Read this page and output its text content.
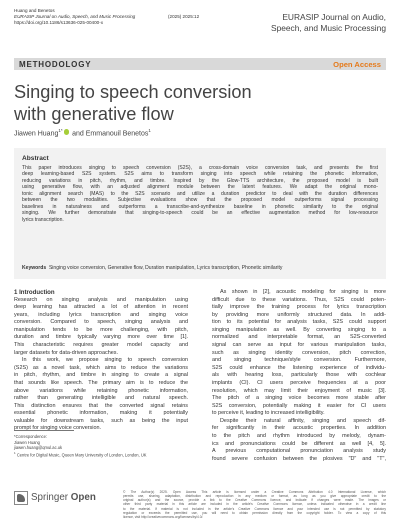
Huang and Benetos
EURASIP Journal on Audio, Speech, and Music Processing
https://doi.org/10.1186/s13636-025-00400-x
(2025) 2025:12	EURASIP Journal on Audio,
Speech, and Music Processing
METHODOLOGY	Open Access
Singing to speech conversion
with generative flow
Jiawen Huang$^{1*}$ and Emmanouil Benetos$^1$
Abstract
This paper introduces singing to speech conversion (S2S), a cross-domain voice conversion task, and presents the first
deep learning-based S2S system. S2S aims to transform singing into speech while retaining the phonetic information,
reducing variations in pitch, rhythm, and timbre. Inspired by the Glow-TTS architecture, the proposed model is built
using generative flow, with an adjusted alignment module between the latent features. We adapt the original mono-
tonic alignment search (MAS) to the S2S scenario and utilize a duration predictor to deal with the duration differences
between the two modalities. Subjective evaluations show that the proposed model outperforms signal processing
baselines in naturalness and outperforms a transcribe-and-synthesize baseline in phonetic similarity to the original
singing. We further demonstrate that singing-to-speech could be an effective augmentation method for low-resource
lyrics transcription.
Keywords Singing voice conversion, Generative flow, Duration manipulation, Lyrics transcription, Phonetic similarity
1 Introduction
Research on singing analysis and manipulation using
deep learning has attracted a lot of attention in recent
years, including lyrics transcription and singing voice
conversion. Compared to speech, singing analysis and
manipulation tends to be more challenging, with pitch,
duration and timbre typically varying more over time [1].
This characteristic requires greater model capacity and
larger datasets for data-driven approaches.
In this work, we propose singing to speech conversion
(S2S) as a novel task, which aims to reduce the variations
in pitch, rhythm, and timbre in singing to create a signal
that sounds like speech. The primary aim is to reduce the
above variations while retaining phonetic information,
rather than generating intelligible and natural speech.
This distinction ensures that the converted signal retains
essential phonetic information, making it potentially
valuable for downstream tasks, such as being the input
prompt for singing voice conversion.
As shown in [2], acoustic modeling for singing is more
difficult due to these variations. Thus, S2S could poten-
tially improve the training process for lyrics transcription
by providing more uniformly structured data. In addi-
tion to its potential for analysis tasks, S2S could support
singing manipulation as well. By converting singing to a
normalized and interpretable format, an S2S-converted
signal can serve as input for various manipulation tasks,
such as singing identity conversion, pitch correction,
and singing technique/style conversion. Furthermore,
S2S could enhance the listening experience of individu-
als with hearing loss, particularly those with cochlear
implants (CI). CI users perceive frequencies at a poor
resolution, which may limit their enjoyment of music [3].
The pitch of a singing voice becomes more stable after
S2S conversion, potentially making it easier for CI users
to perceive it, leading to increased intelligibility.
Despite their natural affinity, singing and speech dif-
fer significantly in their acoustic properties. In addition
to the pitch and rhythm introduced by melody, dynam-
ics and pronunciations could be different as well [4, 5].
A previous computational pronunciation analysis study
found severe confusion between the plosives "D" and "T",
*Correspondence:
Jiawen Huang
jiawen.huang@qmul.ac.uk
$^1$ Centre for Digital Music, Queen Mary University of London, London, UK
Springer Open	© The Author(s) 2025. Open Access This article is licensed under a Creative Commons Attribution 4.0 International License, which
permits use, sharing, adaptation, distribution and reproduction in any medium or format, as long as you give appropriate credit to the
original author(s) and the source, provide a link to the Creative Commons licence, and indicate if changes were made. The images or
other third party material in this article are included in the article's Creative Commons licence, unless indicated otherwise in a credit line
to the material. If material is not included in the article's Creative Commons licence and your intended use is not permitted by statutory
regulation or exceeds the permitted use, you will need to obtain permission directly from the copyright holder. To view a copy of this
licence, visit http://creativecommons.org/licenses/by/4.0/.
